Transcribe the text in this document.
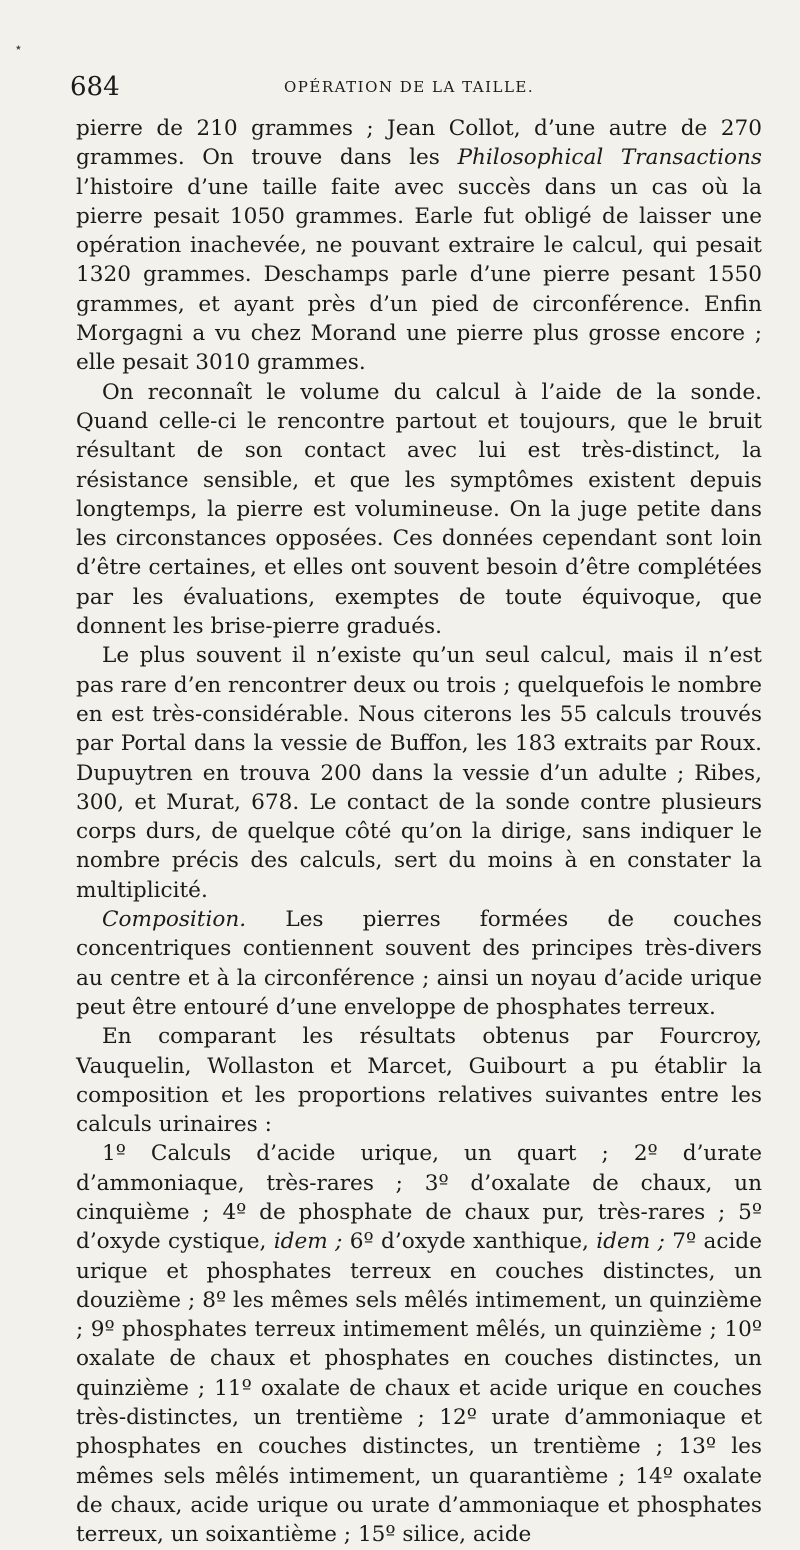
⋆
684	OPÉRATION DE LA TAILLE.

pierre de 210 grammes ; Jean Collot, d’une autre de 270 grammes. On trouve dans les Philosophical Transactions l’histoire d’une taille faite avec succès dans un cas où la pierre pesait 1050 grammes. Earle fut obligé de laisser une opération inachevée, ne pouvant extraire le calcul, qui pesait 1320 grammes. Deschamps parle d’une pierre pesant 1550 grammes, et ayant près d’un pied de circonférence. Enfin Morgagni a vu chez Morand une pierre plus grosse encore ; elle pesait 3010 grammes.

On reconnaît le volume du calcul à l’aide de la sonde. Quand celle-ci le rencontre partout et toujours, que le bruit résultant de son contact avec lui est très-distinct, la résistance sensible, et que les symptômes existent depuis longtemps, la pierre est volumineuse. On la juge petite dans les circonstances opposées. Ces données cependant sont loin d’être certaines, et elles ont souvent besoin d’être complétées par les évaluations, exemptes de toute équivoque, que donnent les brise-pierre gradués.

Le plus souvent il n’existe qu’un seul calcul, mais il n’est pas rare d’en rencontrer deux ou trois ; quelquefois le nombre en est très-considérable. Nous citerons les 55 calculs trouvés par Portal dans la vessie de Buffon, les 183 extraits par Roux. Dupuytren en trouva 200 dans la vessie d’un adulte ; Ribes, 300, et Murat, 678. Le contact de la sonde contre plusieurs corps durs, de quelque côté qu’on la dirige, sans indiquer le nombre précis des calculs, sert du moins à en constater la multiplicité.

Composition. Les pierres formées de couches concentriques contiennent souvent des principes très-divers au centre et à la circonférence ; ainsi un noyau d’acide urique peut être entouré d’une enveloppe de phosphates terreux.

En comparant les résultats obtenus par Fourcroy, Vauquelin, Wollaston et Marcet, Guibourt a pu établir la composition et les proportions relatives suivantes entre les calculs urinaires :

1º Calculs d’acide urique, un quart ; 2º d’urate d’ammoniaque, très-rares ; 3º d’oxalate de chaux, un cinquième ; 4º de phosphate de chaux pur, très-rares ; 5º d’oxyde cystique, idem ; 6º d’oxyde xanthique, idem ; 7º acide urique et phosphates terreux en couches distinctes, un douzième ; 8º les mêmes sels mêlés intimement, un quinzième ; 9º phosphates terreux intimement mêlés, un quinzième ; 10º oxalate de chaux et phosphates en couches distinctes, un quinzième ; 11º oxalate de chaux et acide urique en couches très-distinctes, un trentième ; 12º urate d’ammoniaque et phosphates en couches distinctes, un trentième ; 13º les mêmes sels mêlés intimement, un quarantième ; 14º oxalate de chaux, acide urique ou urate d’ammoniaque et phosphates terreux, un soixantième ; 15º silice, acide
